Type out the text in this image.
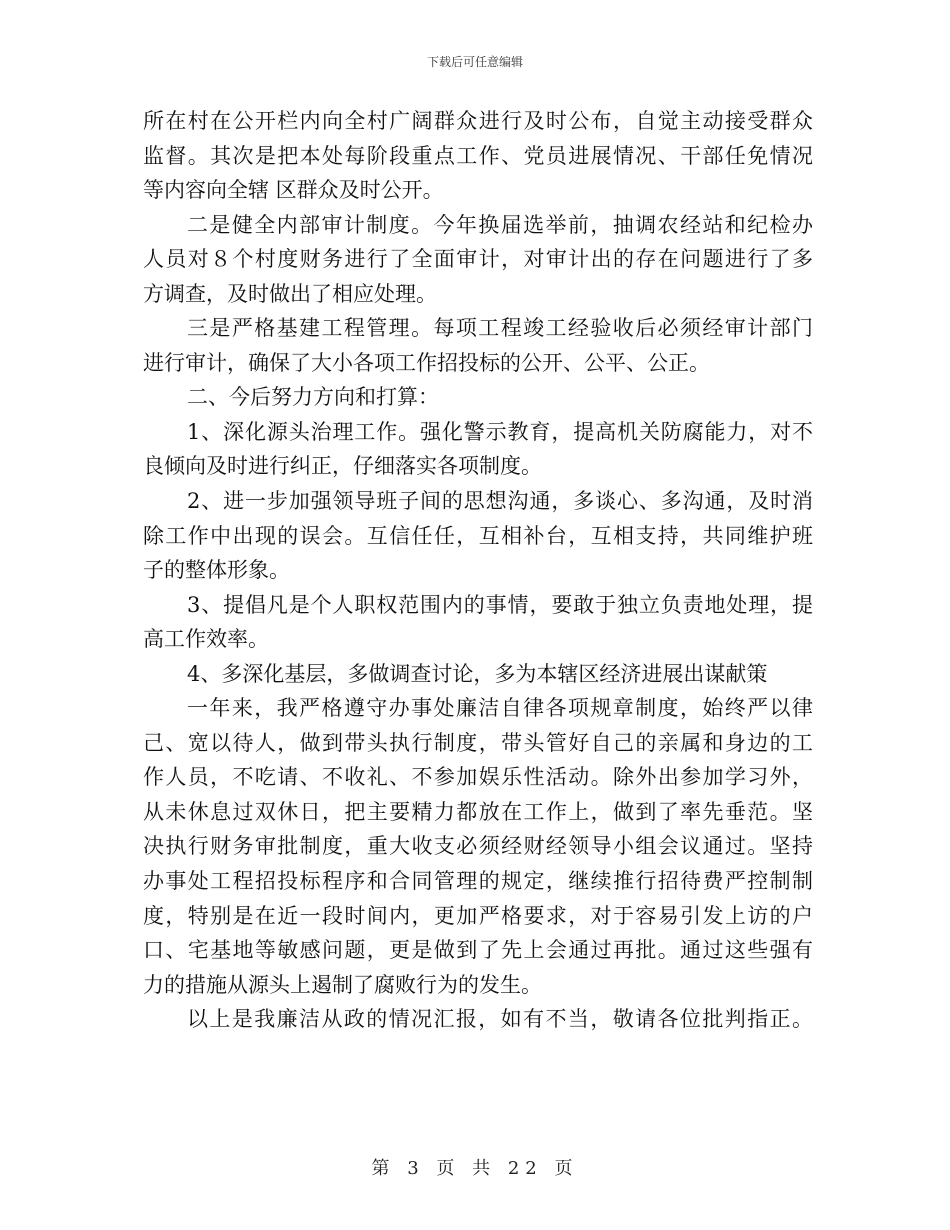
下载后可任意编辑
所在村在公开栏内向全村广阔群众进行及时公布，自觉主动接受群众
监督。其次是把本处每阶段重点工作、党员进展情况、干部任免情况
等内容向全辖 区群众及时公开。
二是健全内部审计制度。今年换届选举前，抽调农经站和纪检办
人员对８个村度财务进行了全面审计，对审计出的存在问题进行了多
方调查，及时做出了相应处理。
三是严格基建工程管理。每项工程竣工经验收后必须经审计部门
进行审计，确保了大小各项工作招投标的公开、公平、公正。
二、今后努力方向和打算：
1、深化源头治理工作。强化警示教育，提高机关防腐能力，对不
良倾向及时进行纠正，仔细落实各项制度。
2、进一步加强领导班子间的思想沟通，多谈心、多沟通，及时消
除工作中出现的误会。互信任任，互相补台，互相支持，共同维护班
子的整体形象。
3、提倡凡是个人职权范围内的事情，要敢于独立负责地处理，提
高工作效率。
4、多深化基层，多做调查讨论，多为本辖区经济进展出谋献策
一年来，我严格遵守办事处廉洁自律各项规章制度，始终严以律
己、宽以待人，做到带头执行制度，带头管好自己的亲属和身边的工
作人员，不吃请、不收礼、不参加娱乐性活动。除外出参加学习外，
从未休息过双休日，把主要精力都放在工作上，做到了率先垂范。坚
决执行财务审批制度，重大收支必须经财经领导小组会议通过。坚持
办事处工程招投标程序和合同管理的规定，继续推行招待费严控制制
度，特别是在近一段时间内，更加严格要求，对于容易引发上访的户
口、宅基地等敏感问题，更是做到了先上会通过再批。通过这些强有
力的措施从源头上遏制了腐败行为的发生。
以上是我廉洁从政的情况汇报，如有不当，敬请各位批判指正。
第 3 页 共 22 页
